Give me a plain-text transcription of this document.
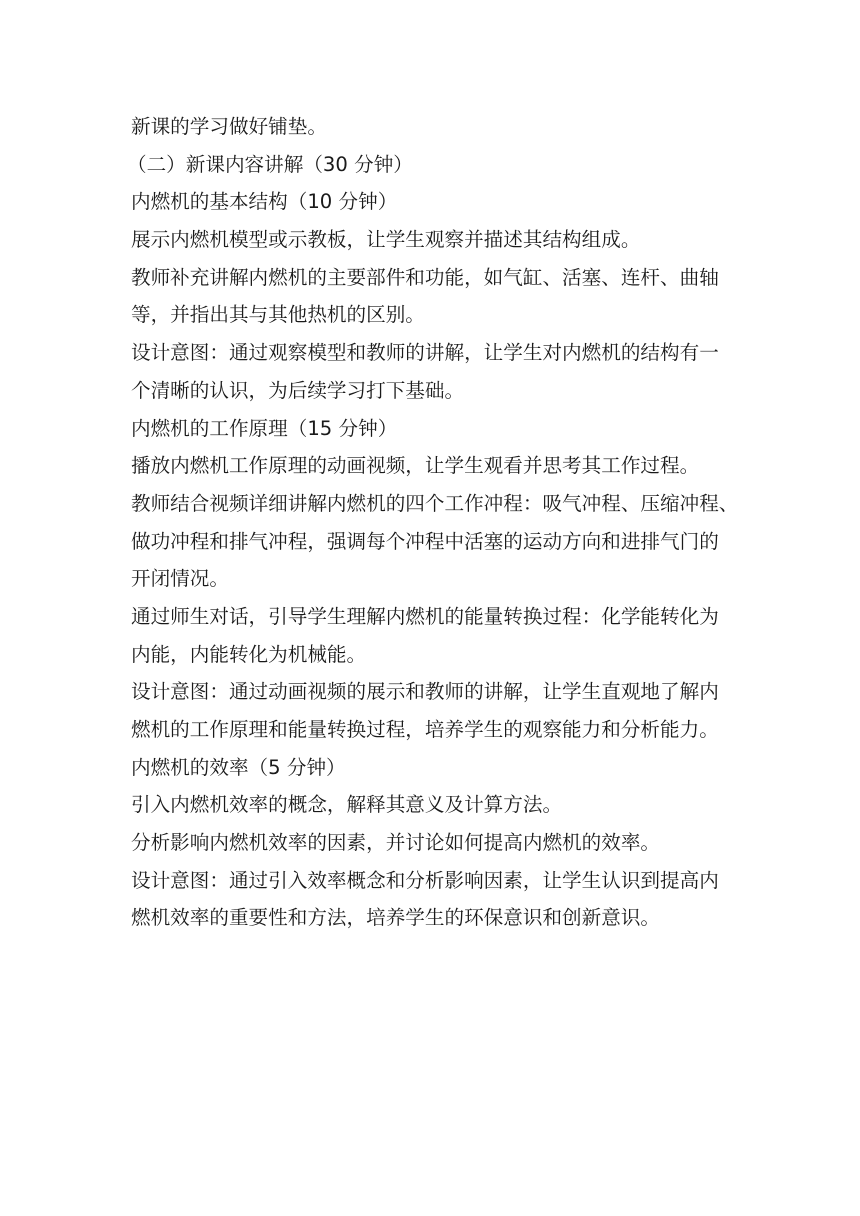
新课的学习做好铺垫。
（二）新课内容讲解（30 分钟）
内燃机的基本结构（10 分钟）
展示内燃机模型或示教板，让学生观察并描述其结构组成。
教师补充讲解内燃机的主要部件和功能，如气缸、活塞、连杆、曲轴
等，并指出其与其他热机的区别。
设计意图：通过观察模型和教师的讲解，让学生对内燃机的结构有一
个清晰的认识，为后续学习打下基础。
内燃机的工作原理（15 分钟）
播放内燃机工作原理的动画视频，让学生观看并思考其工作过程。
教师结合视频详细讲解内燃机的四个工作冲程：吸气冲程、压缩冲程、
做功冲程和排气冲程，强调每个冲程中活塞的运动方向和进排气门的
开闭情况。
通过师生对话，引导学生理解内燃机的能量转换过程：化学能转化为
内能，内能转化为机械能。
设计意图：通过动画视频的展示和教师的讲解，让学生直观地了解内
燃机的工作原理和能量转换过程，培养学生的观察能力和分析能力。
内燃机的效率（5 分钟）
引入内燃机效率的概念，解释其意义及计算方法。
分析影响内燃机效率的因素，并讨论如何提高内燃机的效率。
设计意图：通过引入效率概念和分析影响因素，让学生认识到提高内
燃机效率的重要性和方法，培养学生的环保意识和创新意识。
